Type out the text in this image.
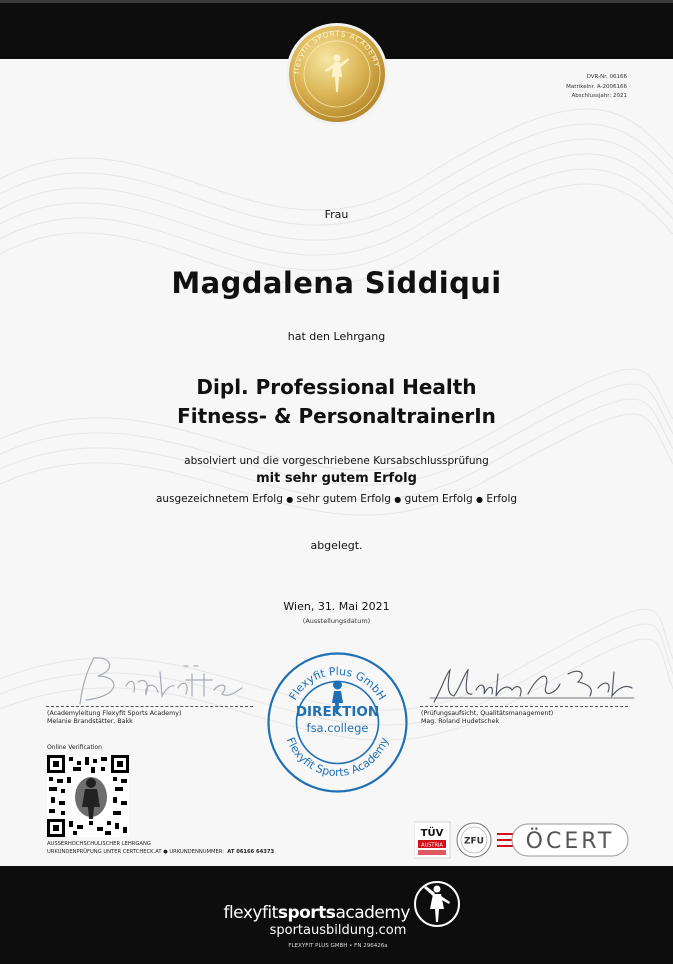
flexyfit SPORTS ACADEMY
DVR-Nr. 06166
Matrikelnr. A-2006166
Abschlussjahr: 2021
Frau
Magdalena Siddiqui
hat den Lehrgang
Dipl. Professional Health
Fitness- & PersonaltrainerIn
absolviert und die vorgeschriebene Kursabschlussprüfung
mit sehr gutem Erfolg
ausgezeichnetem Erfolg ● sehr gutem Erfolg ● gutem Erfolg ● Erfolg
abgelegt.
Wien, 31. Mai 2021
(Ausstellungsdatum)
(Academyleitung Flexyfit Sports Academy)
Melanie Brandstätter, Bakk
(Prüfungsaufsicht, Qualitätsmanagement)
Mag. Roland Hudetschek
Flexyfit Plus GmbH
Flexyfit Sports Academy
DIREKTION
fsa.college
Online Verification
AUSSERHOCHSCHULISCHER LEHRGANG
URKUNDENPRÜFUNG UNTER CERTCHECK.AT ● URKUNDENNUMMER: AT 06166 64373
TÜV
AUSTRIA ZFU ÖCERT
flexyfitsportsacademy
sportausbildung.com
FLEXYFIT PLUS GMBH • FN 296426a
